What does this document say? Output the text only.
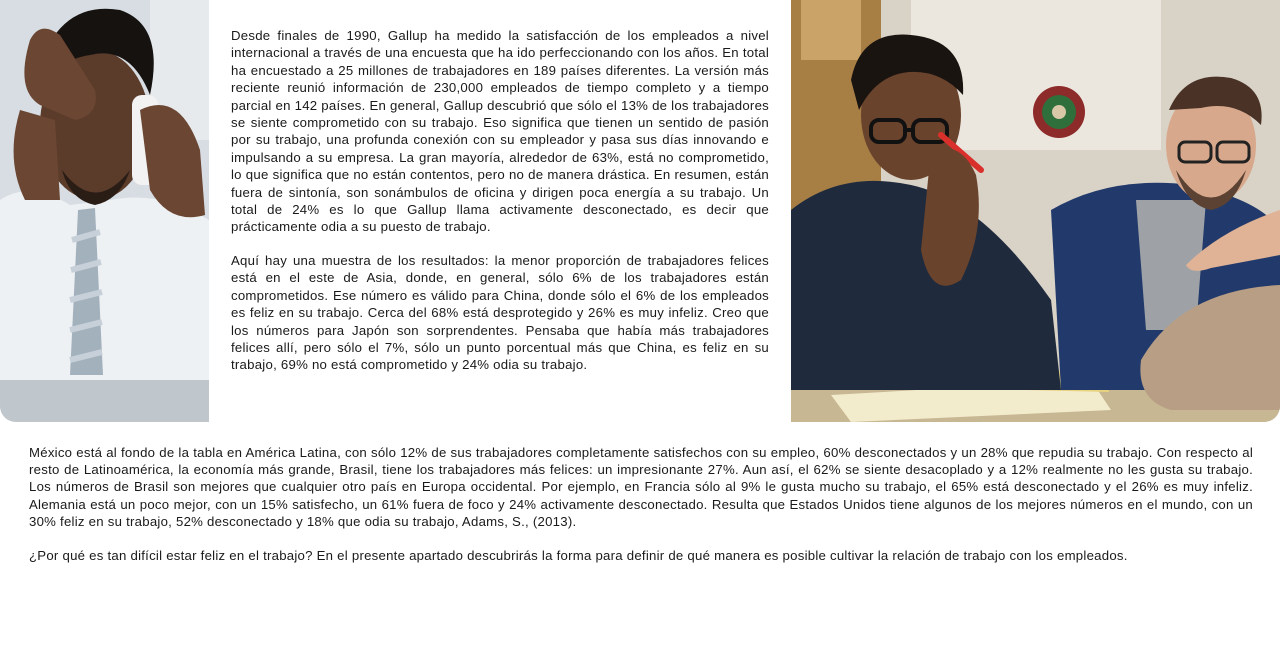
Desde finales de 1990, Gallup ha medido la satisfacción de los empleados a nivel internacional a través de una encuesta que ha ido perfeccionando con los años. En total ha encuestado a 25 millones de trabajadores en 189 países diferentes. La versión más reciente reunió información de 230,000 empleados de tiempo completo y a tiempo parcial en 142 países. En general, Gallup descubrió que sólo el 13% de los trabajadores se siente comprometido con su trabajo. Eso significa que tienen un sentido de pasión por su trabajo, una profunda conexión con su empleador y pasa sus días innovando e impulsando a su empresa. La gran mayoría, alrededor de 63%, está no comprometido, lo que significa que no están contentos, pero no de manera drástica. En resumen, están fuera de sintonía, son sonámbulos de oficina y dirigen poca energía a su trabajo. Un total de 24% es lo que Gallup llama activamente desconectado, es decir que prácticamente odia a su puesto de trabajo.

Aquí hay una muestra de los resultados: la menor proporción de trabajadores felices está en el este de Asia, donde, en general, sólo 6% de los trabajadores están comprometidos. Ese número es válido para China, donde sólo el 6% de los empleados es feliz en su trabajo. Cerca del 68% está desprotegido y 26% es muy infeliz. Creo que los números para Japón son sorprendentes. Pensaba que había más trabajadores felices allí, pero sólo el 7%, sólo un punto porcentual más que China, es feliz en su trabajo, 69% no está comprometido y 24% odia su trabajo.

México está al fondo de la tabla en América Latina, con sólo 12% de sus trabajadores completamente satisfechos con su empleo, 60% desconectados y un 28% que repudia su trabajo. Con respecto al resto de Latinoamérica, la economía más grande, Brasil, tiene los trabajadores más felices: un impresionante 27%. Aun así, el 62% se siente desacoplado y a 12% realmente no les gusta su trabajo. Los números de Brasil son mejores que cualquier otro país en Europa occidental. Por ejemplo, en Francia sólo al 9% le gusta mucho su trabajo, el 65% está desconectado y el 26% es muy infeliz. Alemania está un poco mejor, con un 15% satisfecho, un 61% fuera de foco y 24% activamente desconectado. Resulta que Estados Unidos tiene algunos de los mejores números en el mundo, con un 30% feliz en su trabajo, 52% desconectado y 18% que odia su trabajo, Adams, S., (2013).

¿Por qué es tan difícil estar feliz en el trabajo? En el presente apartado descubrirás la forma para definir de qué manera es posible cultivar la relación de trabajo con los empleados.
